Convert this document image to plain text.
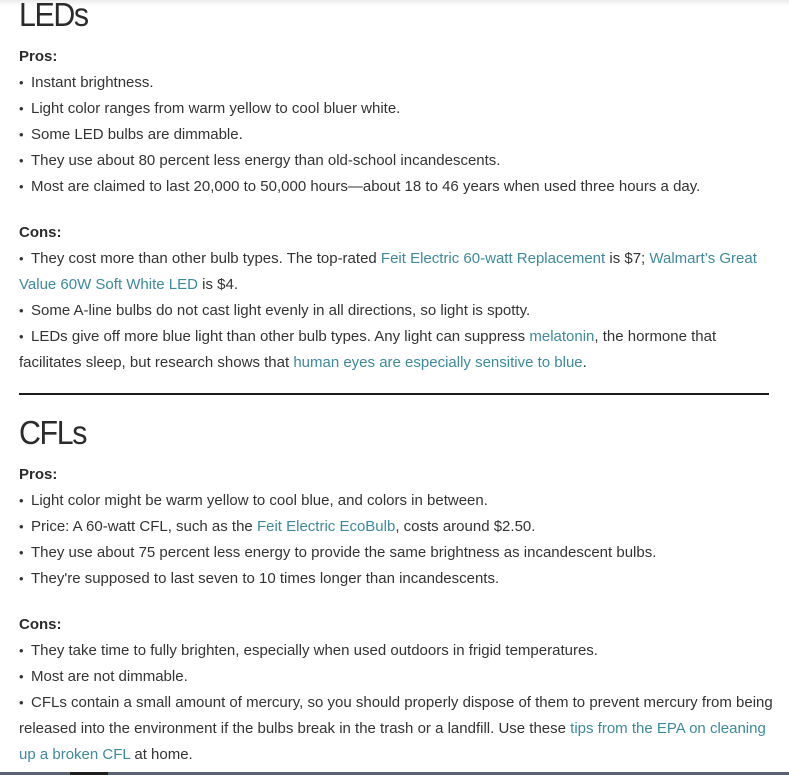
LEDs

Pros:

• Instant brightness.

• Light color ranges from warm yellow to cool bluer white.

• Some LED bulbs are dimmable.

• They use about 80 percent less energy than old-school incandescents.

• Most are claimed to last 20,000 to 50,000 hours—about 18 to 46 years when used three hours a day.

Cons:

• They cost more than other bulb types. The top-rated Feit Electric 60-watt Replacement is $7; Walmart’s Great Value 60W Soft White LED is $4.

• Some A-line bulbs do not cast light evenly in all directions, so light is spotty.

• LEDs give off more blue light than other bulb types. Any light can suppress melatonin, the hormone that facilitates sleep, but research shows that human eyes are especially sensitive to blue.

CFLs

Pros:

• Light color might be warm yellow to cool blue, and colors in between.

• Price: A 60-watt CFL, such as the Feit Electric EcoBulb, costs around $2.50.

• They use about 75 percent less energy to provide the same brightness as incandescent bulbs.

• They're supposed to last seven to 10 times longer than incandescents.

Cons:

• They take time to fully brighten, especially when used outdoors in frigid temperatures.

• Most are not dimmable.

• CFLs contain a small amount of mercury, so you should properly dispose of them to prevent mercury from being released into the environment if the bulbs break in the trash or a landfill. Use these tips from the EPA on cleaning up a broken CFL at home.
